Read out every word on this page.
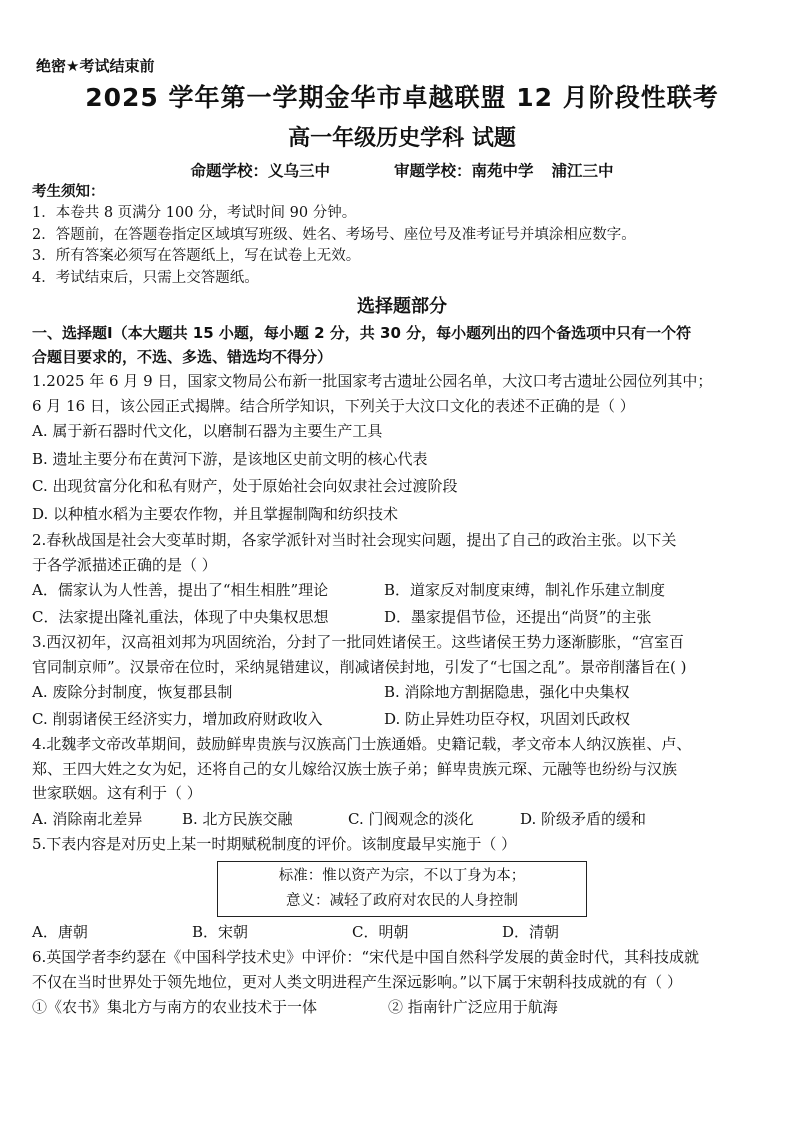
绝密★考试结束前

2025 学年第一学期金华市卓越联盟 12 月阶段性联考

高一年级历史学科 试题

命题学校：义乌三中	审题学校：南苑中学 浦江三中

考生须知：

1．本卷共 8 页满分 100 分，考试时间 90 分钟。

2．答题前，在答题卷指定区域填写班级、姓名、考场号、座位号及准考证号并填涂相应数字。

3．所有答案必须写在答题纸上，写在试卷上无效。

4．考试结束后，只需上交答题纸。

选择题部分

一、选择题Ⅰ（本大题共 15 小题，每小题 2 分，共 30 分，每小题列出的四个备选项中只有一个符

合题目要求的，不选、多选、错选均不得分）

1.2025 年 6 月 9 日，国家文物局公布新一批国家考古遗址公园名单，大汶口考古遗址公园位列其中；

6 月 16 日，该公园正式揭牌。结合所学知识，下列关于大汶口文化的表述不正确的是（ ）

A. 属于新石器时代文化，以磨制石器为主要生产工具

B. 遗址主要分布在黄河下游，是该地区史前文明的核心代表

C. 出现贫富分化和私有财产，处于原始社会向奴隶社会过渡阶段

D. 以种植水稻为主要农作物，并且掌握制陶和纺织技术

2.春秋战国是社会大变革时期，各家学派针对当时社会现实问题，提出了自己的政治主张。以下关

于各学派描述正确的是（ ）

A．儒家认为人性善，提出了“相生相胜”理论	B．道家反对制度束缚，制礼作乐建立制度
C．法家提出隆礼重法，体现了中央集权思想	D．墨家提倡节俭，还提出“尚贤”的主张

3.西汉初年，汉高祖刘邦为巩固统治，分封了一批同姓诸侯王。这些诸侯王势力逐渐膨胀，“宫室百

官同制京师”。汉景帝在位时，采纳晁错建议，削减诸侯封地，引发了“七国之乱”。景帝削藩旨在( )

A. 废除分封制度，恢复郡县制	B. 消除地方割据隐患，强化中央集权
C. 削弱诸侯王经济实力，增加政府财政收入	D. 防止异姓功臣夺权，巩固刘氏政权

4.北魏孝文帝改革期间，鼓励鲜卑贵族与汉族高门士族通婚。史籍记载，孝文帝本人纳汉族崔、卢、

郑、王四大姓之女为妃，还将自己的女儿嫁给汉族士族子弟；鲜卑贵族元琛、元融等也纷纷与汉族

世家联姻。这有利于（ ）

A. 消除南北差异	B. 北方民族交融	C. 门阀观念的淡化	D. 阶级矛盾的缓和

5.下表内容是对历史上某一时期赋税制度的评价。该制度最早实施于（ ）

标准：惟以资产为宗，不以丁身为本；
意义：减轻了政府对农民的人身控制
A．唐朝	B．宋朝	C．明朝	D．清朝

6.英国学者李约瑟在《中国科学技术史》中评价：“宋代是中国自然科学发展的黄金时代，其科技成就

不仅在当时世界处于领先地位，更对人类文明进程产生深远影响。”以下属于宋朝科技成就的有（ ）

①《农书》集北方与南方的农业技术于一体	② 指南针广泛应用于航海
